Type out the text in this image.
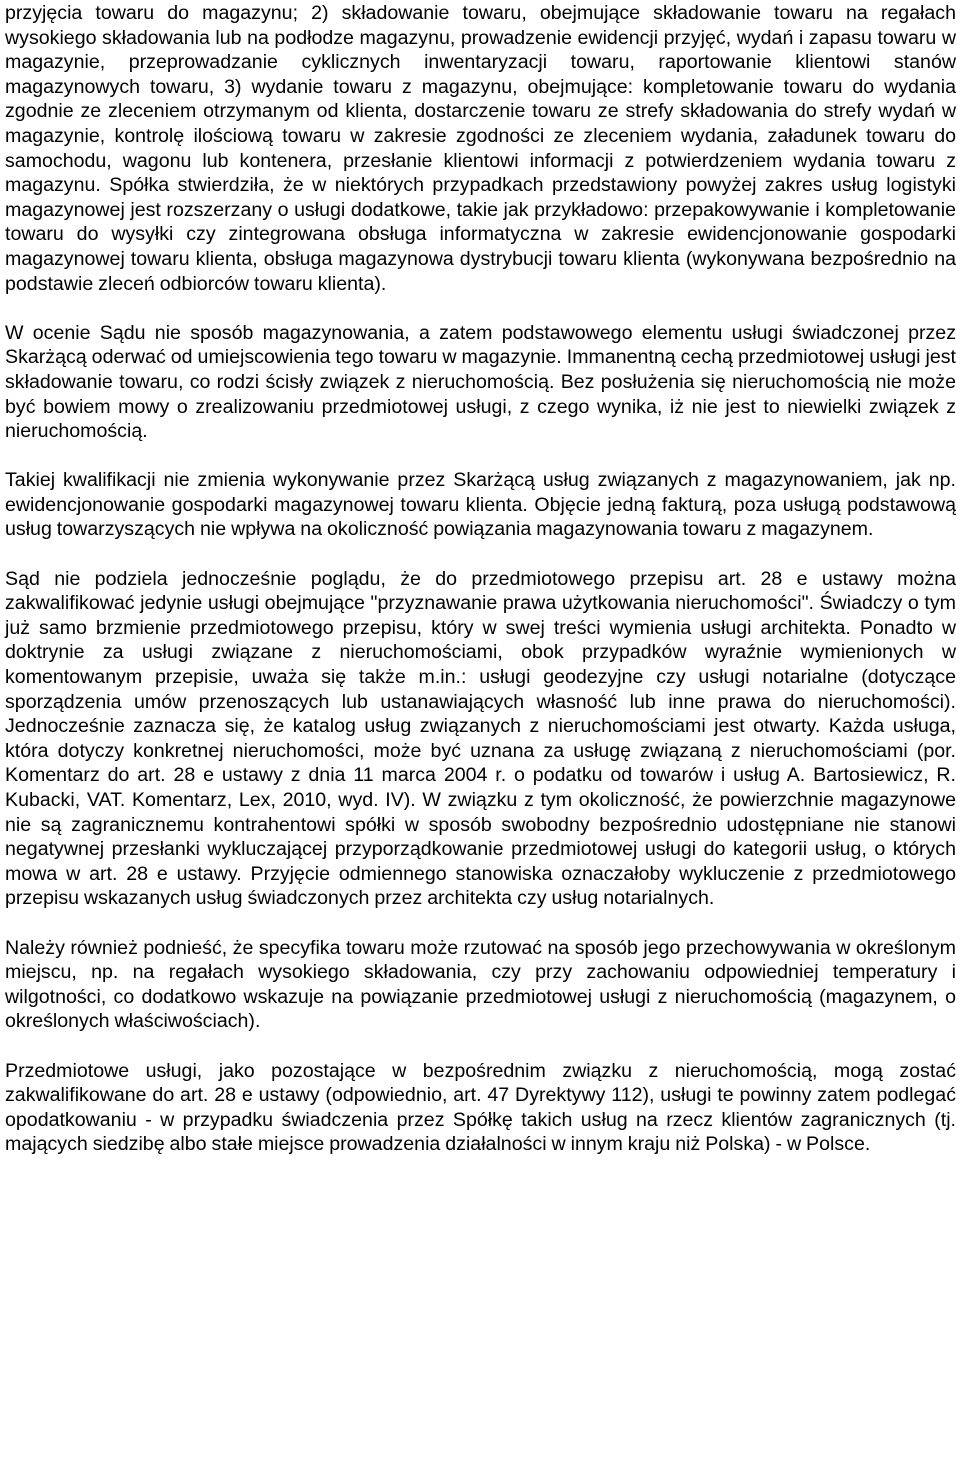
przyjęcia towaru do magazynu; 2) składowanie towaru, obejmujące składowanie towaru na regałach wysokiego składowania lub na podłodze magazynu, prowadzenie ewidencji przyjęć, wydań i zapasu towaru w magazynie, przeprowadzanie cyklicznych inwentaryzacji towaru, raportowanie klientowi stanów magazynowych towaru, 3) wydanie towaru z magazynu, obejmujące: kompletowanie towaru do wydania zgodnie ze zleceniem otrzymanym od klienta, dostarczenie towaru ze strefy składowania do strefy wydań w magazynie, kontrolę ilościową towaru w zakresie zgodności ze zleceniem wydania, załadunek towaru do samochodu, wagonu lub kontenera, przesłanie klientowi informacji z potwierdzeniem wydania towaru z magazynu. Spółka stwierdziła, że w niektórych przypadkach przedstawiony powyżej zakres usług logistyki magazynowej jest rozszerzany o usługi dodatkowe, takie jak przykładowo: przepakowywanie i kompletowanie towaru do wysyłki czy zintegrowana obsługa informatyczna w zakresie ewidencjonowanie gospodarki magazynowej towaru klienta, obsługa magazynowa dystrybucji towaru klienta (wykonywana bezpośrednio na podstawie zleceń odbiorców towaru klienta).

W ocenie Sądu nie sposób magazynowania, a zatem podstawowego elementu usługi świadczonej przez Skarżącą oderwać od umiejscowienia tego towaru w magazynie. Immanentną cechą przedmiotowej usługi jest składowanie towaru, co rodzi ścisły związek z nieruchomością. Bez posłużenia się nieruchomością nie może być bowiem mowy o zrealizowaniu przedmiotowej usługi, z czego wynika, iż nie jest to niewielki związek z nieruchomością.

Takiej kwalifikacji nie zmienia wykonywanie przez Skarżącą usług związanych z magazynowaniem, jak np. ewidencjonowanie gospodarki magazynowej towaru klienta. Objęcie jedną fakturą, poza usługą podstawową usług towarzyszących nie wpływa na okoliczność powiązania magazynowania towaru z magazynem.

Sąd nie podziela jednocześnie poglądu, że do przedmiotowego przepisu art. 28 e ustawy można zakwalifikować jedynie usługi obejmujące "przyznawanie prawa użytkowania nieruchomości". Świadczy o tym już samo brzmienie przedmiotowego przepisu, który w swej treści wymienia usługi architekta. Ponadto w doktrynie za usługi związane z nieruchomościami, obok przypadków wyraźnie wymienionych w komentowanym przepisie, uważa się także m.in.: usługi geodezyjne czy usługi notarialne (dotyczące sporządzenia umów przenoszących lub ustanawiających własność lub inne prawa do nieruchomości). Jednocześnie zaznacza się, że katalog usług związanych z nieruchomościami jest otwarty. Każda usługa, która dotyczy konkretnej nieruchomości, może być uznana za usługę związaną z nieruchomościami (por. Komentarz do art. 28 e ustawy z dnia 11 marca 2004 r. o podatku od towarów i usług A. Bartosiewicz, R. Kubacki, VAT. Komentarz, Lex, 2010, wyd. IV). W związku z tym okoliczność, że powierzchnie magazynowe nie są zagranicznemu kontrahentowi spółki w sposób swobodny bezpośrednio udostępniane nie stanowi negatywnej przesłanki wykluczającej przyporządkowanie przedmiotowej usługi do kategorii usług, o których mowa w art. 28 e ustawy. Przyjęcie odmiennego stanowiska oznaczałoby wykluczenie z przedmiotowego przepisu wskazanych usług świadczonych przez architekta czy usług notarialnych.

Należy również podnieść, że specyfika towaru może rzutować na sposób jego przechowywania w określonym miejscu, np. na regałach wysokiego składowania, czy przy zachowaniu odpowiedniej temperatury i wilgotności, co dodatkowo wskazuje na powiązanie przedmiotowej usługi z nieruchomością (magazynem, o określonych właściwościach).

Przedmiotowe usługi, jako pozostające w bezpośrednim związku z nieruchomością, mogą zostać zakwalifikowane do art. 28 e ustawy (odpowiednio, art. 47 Dyrektywy 112), usługi te powinny zatem podlegać opodatkowaniu - w przypadku świadczenia przez Spółkę takich usług na rzecz klientów zagranicznych (tj. mających siedzibę albo stałe miejsce prowadzenia działalności w innym kraju niż Polska) - w Polsce.
